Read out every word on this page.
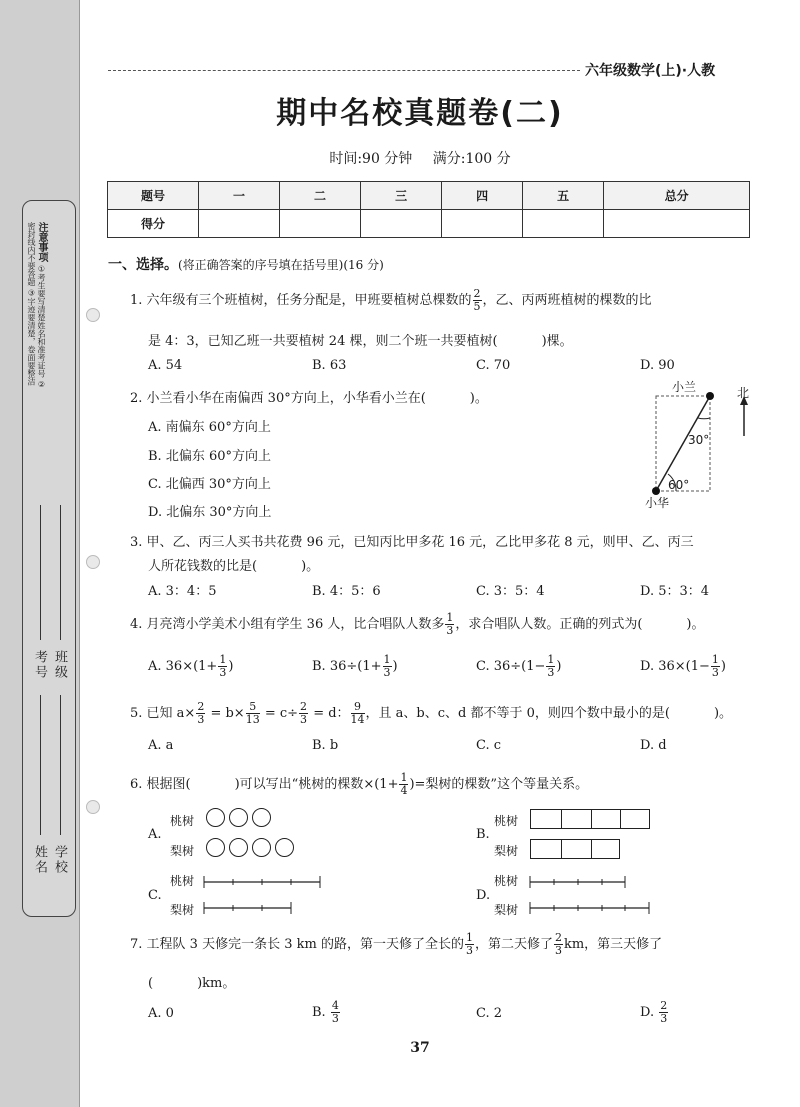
注意事项 ①考生要写清楚姓名和准考证号 ②密封线内不要答题 ③字迹要清楚，卷面要整洁
班级
学校
考号
姓名
六年级数学(上)·人教
期中名校真题卷(二)
时间:90 分钟 满分:100 分
题号	一	二	三	四	五	总分
得分						
一、选择。(将正确答案的序号填在括号里)(16 分)
1. 六年级有三个班植树，任务分配是，甲班要植树总棵数的 $\frac{2}{5}$ ，乙、丙两班植树的棵数的比
是 4：3，已知乙班一共要植树 24 棵，则二个班一共要植树(	)棵。
A. 54	B. 63	C. 70	D. 90
2. 小兰看小华在南偏西 30°方向上，小华看小兰在(	)。
A. 南偏东 60°方向上
B. 北偏东 60°方向上
C. 北偏西 30°方向上
D. 北偏东 30°方向上
小兰
小华
北
30°
60°
3. 甲、乙、丙三人买书共花费 96 元，已知丙比甲多花 16 元，乙比甲多花 8 元，则甲、乙、丙三
人所花钱数的比是(	)。
A. 3：4：5	B. 4：5：6	C. 3：5：4	D. 5：3：4
4. 月亮湾小学美术小组有学生 36 人，比合唱队人数多 $\frac{1}{3}$ ，求合唱队人数。正确的列式为(	)。
A. $36\times(1+ \frac{1}{3}$ )	B. $36\div(1+ \frac{1}{3}$ )	C. $36\div(1- \frac{1}{3}$ )	D. $36\times(1- \frac{1}{3}$ )
5. 已知 $a\times \frac{2}{3} = b\times \frac{5}{13} = c\div \frac{2}{3} = d$： $\frac{9}{14}$ ，且 a、b、c、d 都不等于 0，则四个数中最小的是(	)。
A. a	B. b	C. c	D. d
6. 根据图(	)可以写出“桃树的棵数$\times(1+ \frac{1}{4}$ )=梨树的棵数”这个等量关系。
A.
桃树
梨树
B.
桃树
梨树
C.
桃树
梨树
D.
桃树
梨树
7. 工程队 3 天修完一条长 3 km 的路，第一天修了全长的 $\frac{1}{3}$ ，第二天修了 $\frac{2}{3}$ km，第三天修了
(	)km。
A. 0	B. $\frac{4}{3}$	C. 2	D. $\frac{2}{3}$
37
